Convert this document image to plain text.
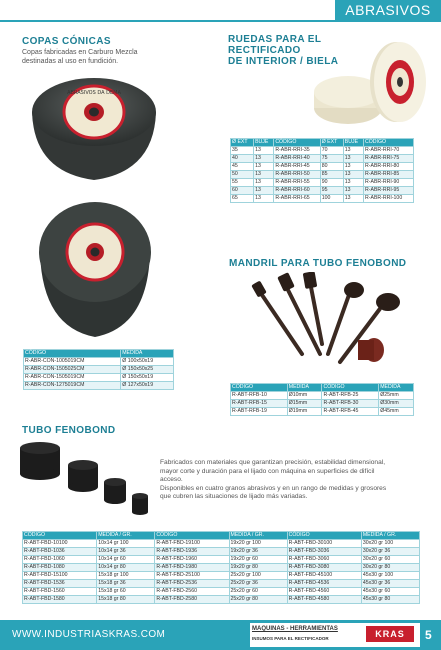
ABRASIVOS
COPAS CÓNICAS
Copas fabricadas en Carburo Mezcla
destinadas al uso en fundición.
ABRASIVOS DA DEMA
CÓDIGO	MEDIDA
R-ABR-CON-1005019CM	Ø 100x50x19
R-ABR-CON-1505025CM	Ø 150x50x25
R-ABR-CON-1505019CM	Ø 150x50x19
R-ABR-CON-1275019CM	Ø 127x50x19
RUEDAS PARA EL
RECTIFICADO
DE INTERIOR / BIELA
Ø EXT	BUJE	CÓDIGO	Ø EXT	BUJE	CÓDIGO
35	13	R-ABR-RRI-35	70	13	R-ABR-RRI-70
40	13	R-ABR-RRI-40	75	13	R-ABR-RRI-75
45	13	R-ABR-RRI-45	80	13	R-ABR-RRI-80
50	13	R-ABR-RRI-50	85	13	R-ABR-RRI-85
55	13	R-ABR-RRI-55	90	13	R-ABR-RRI-90
60	13	R-ABR-RRI-60	95	13	R-ABR-RRI-95
65	13	R-ABR-RRI-65	100	13	R-ABR-RRI-100
MANDRIL PARA TUBO FENOBOND
CÓDIGO	MEDIDA	CÓDIGO	MEDIDA
R-ABT-RFB-10	Ø10mm	R-ABT-RFB-25	Ø25mm
R-ABT-RFB-15	Ø15mm	R-ABT-RFB-30	Ø30mm
R-ABT-RFB-19	Ø19mm	R-ABT-RFB-45	Ø45mm
TUBO FENOBOND
Fabricados con materiales que garantizan precisión, estabilidad dimensional,
mayor corte y duración para el lijado con máquina en superficies de difícil
acceso.
Disponibles en cuatro granos abrasivos y en un rango de medidas y grosores
que cubren las situaciones de lijado más variadas.
CÓDIGO	MEDIDA / GR.	CÓDIGO	MEDIDA / GR.	CÓDIGO	MEDIDA / GR.
R-ABT-FBD-10100	10x14 gr 100	R-ABT-FBD-19100	19x20 gr 100	R-ABT-FBD-30100	30x20 gr 100
R-ABT-FBD-1036	10x14 gr 36	R-ABT-FBD-1936	19x20 gr 36	R-ABT-FBD-3036	30x20 gr 36
R-ABT-FBD-1060	10x14 gr 60	R-ABT-FBD-1960	19x20 gr 60	R-ABT-FBD-3060	30x20 gr 60
R-ABT-FBD-1080	10x14 gr 80	R-ABT-FBD-1980	19x20 gr 80	R-ABT-FBD-3080	30x20 gr 80
R-ABT-FBD-15100	15x18 gr 100	R-ABT-FBD-25100	25x20 gr 100	R-ABT-FBD-45100	45x30 gr 100
R-ABT-FBD-1536	15x18 gr 36	R-ABT-FBD-2536	25x20 gr 36	R-ABT-FBD-4536	45x30 gr 36
R-ABT-FBD-1560	15x18 gr 60	R-ABT-FBD-2560	25x20 gr 60	R-ABT-FBD-4560	45x30 gr 60
R-ABT-FBD-1580	15x18 gr 80	R-ABT-FBD-2580	25x20 gr 80	R-ABT-FBD-4580	45x30 gr 80
WWW.INDUSTRIASKRAS.COM	MAQUINAS - HERRAMIENTAS
INSUMOS PARA EL RECTIFICADOR	KRAS	5
